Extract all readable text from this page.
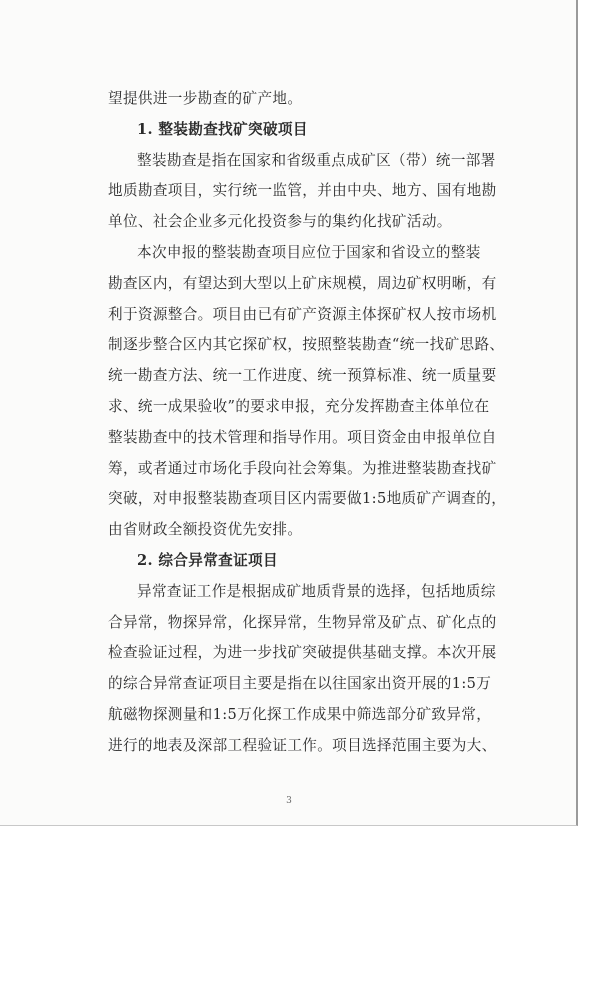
望提供进一步勘查的矿产地。
1. 整装勘查找矿突破项目
整装勘查是指在国家和省级重点成矿区（带）统一部署
地质勘查项目，实行统一监管，并由中央、地方、国有地勘
单位、社会企业多元化投资参与的集约化找矿活动。
本次申报的整装勘查项目应位于国家和省设立的整装
勘查区内，有望达到大型以上矿床规模，周边矿权明晰，有
利于资源整合。项目由已有矿产资源主体探矿权人按市场机
制逐步整合区内其它探矿权，按照整装勘查“统一找矿思路、
统一勘查方法、统一工作进度、统一预算标准、统一质量要
求、统一成果验收”的要求申报，充分发挥勘查主体单位在
整装勘查中的技术管理和指导作用。项目资金由申报单位自
筹，或者通过市场化手段向社会筹集。为推进整装勘查找矿
突破，对申报整装勘查项目区内需要做1:5地质矿产调查的，
由省财政全额投资优先安排。
2. 综合异常查证项目
异常查证工作是根据成矿地质背景的选择，包括地质综
合异常，物探异常，化探异常，生物异常及矿点、矿化点的
检查验证过程，为进一步找矿突破提供基础支撑。本次开展
的综合异常查证项目主要是指在以往国家出资开展的1:5万
航磁物探测量和1:5万化探工作成果中筛选部分矿致异常，
进行的地表及深部工程验证工作。项目选择范围主要为大、
3
